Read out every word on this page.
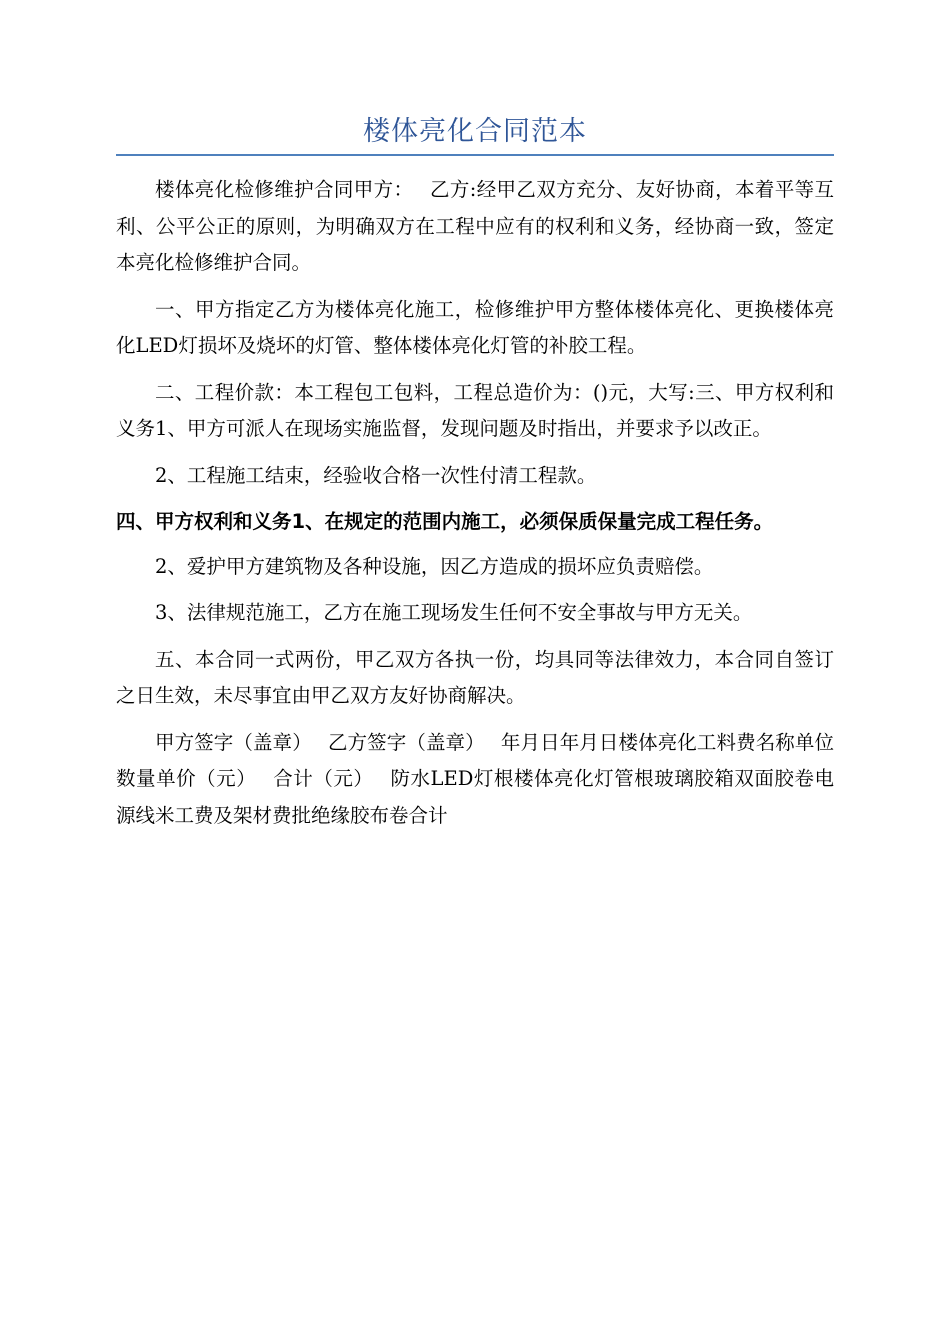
楼体亮化合同范本

楼体亮化检修维护合同甲方：　 乙方:经甲乙双方充分、友好协商，本着平等互利、公平公正的原则，为明确双方在工程中应有的权利和义务，经协商一致，签定本亮化检修维护合同。

一、甲方指定乙方为楼体亮化施工，检修维护甲方整体楼体亮化、更换楼体亮化LED灯损坏及烧坏的灯管、整体楼体亮化灯管的补胶工程。

二、工程价款：本工程包工包料，工程总造价为：()元，大写:三、甲方权利和义务1、甲方可派人在现场实施监督，发现问题及时指出，并要求予以改正。

2、工程施工结束，经验收合格一次性付清工程款。

四、甲方权利和义务1、在规定的范围内施工，必须保质保量完成工程任务。

2、爱护甲方建筑物及各种设施，因乙方造成的损坏应负责赔偿。

3、法律规范施工，乙方在施工现场发生任何不安全事故与甲方无关。

五、本合同一式两份，甲乙双方各执一份，均具同等法律效力，本合同自签订之日生效，未尽事宜由甲乙双方友好协商解决。

甲方签字（盖章）　 乙方签字（盖章）　 年月日年月日楼体亮化工料费名称单位数量单价（元）　 合计（元）　 防水LED灯根楼体亮化灯管根玻璃胶箱双面胶卷电源线米工费及架材费批绝缘胶布卷合计
